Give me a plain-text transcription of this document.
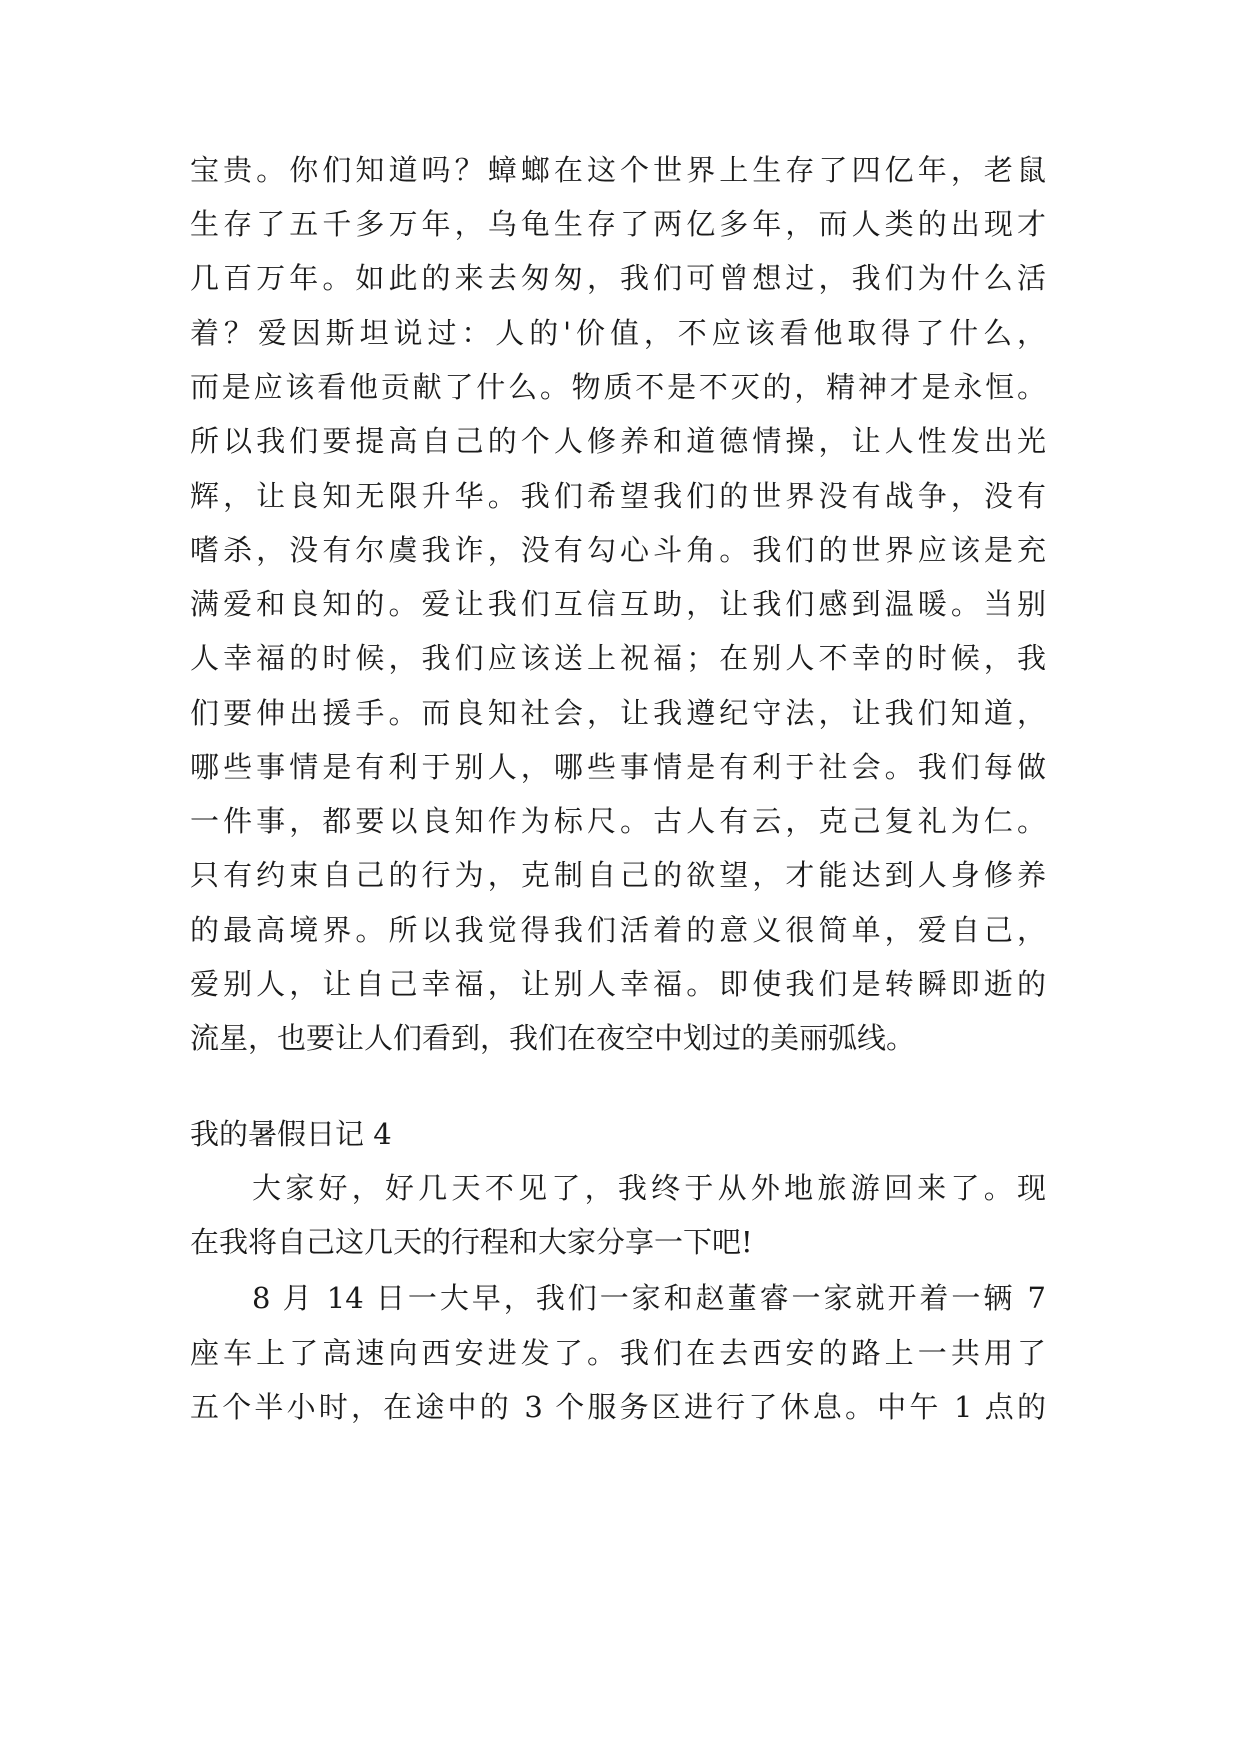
宝贵。你们知道吗？蟑螂在这个世界上生存了四亿年，老鼠
生存了五千多万年，乌龟生存了两亿多年，而人类的出现才
几百万年。如此的来去匆匆，我们可曾想过，我们为什么活
着？爱因斯坦说过：人的'价值，不应该看他取得了什么，
而是应该看他贡献了什么。物质不是不灭的，精神才是永恒。
所以我们要提高自己的个人修养和道德情操，让人性发出光
辉，让良知无限升华。我们希望我们的世界没有战争，没有
嗜杀，没有尔虞我诈，没有勾心斗角。我们的世界应该是充
满爱和良知的。爱让我们互信互助，让我们感到温暖。当别
人幸福的时候，我们应该送上祝福；在别人不幸的时候，我
们要伸出援手。而良知社会，让我遵纪守法，让我们知道，
哪些事情是有利于别人，哪些事情是有利于社会。我们每做
一件事，都要以良知作为标尺。古人有云，克己复礼为仁。
只有约束自己的行为，克制自己的欲望，才能达到人身修养
的最高境界。所以我觉得我们活着的意义很简单，爱自己，
爱别人，让自己幸福，让别人幸福。即使我们是转瞬即逝的
流星，也要让人们看到，我们在夜空中划过的美丽弧线。
我的暑假日记 4
大家好，好几天不见了，我终于从外地旅游回来了。现
在我将自己这几天的行程和大家分享一下吧!
8 月 14 日一大早，我们一家和赵董睿一家就开着一辆 7
座车上了高速向西安进发了。我们在去西安的路上一共用了
五个半小时，在途中的 3 个服务区进行了休息。中午 1 点的
